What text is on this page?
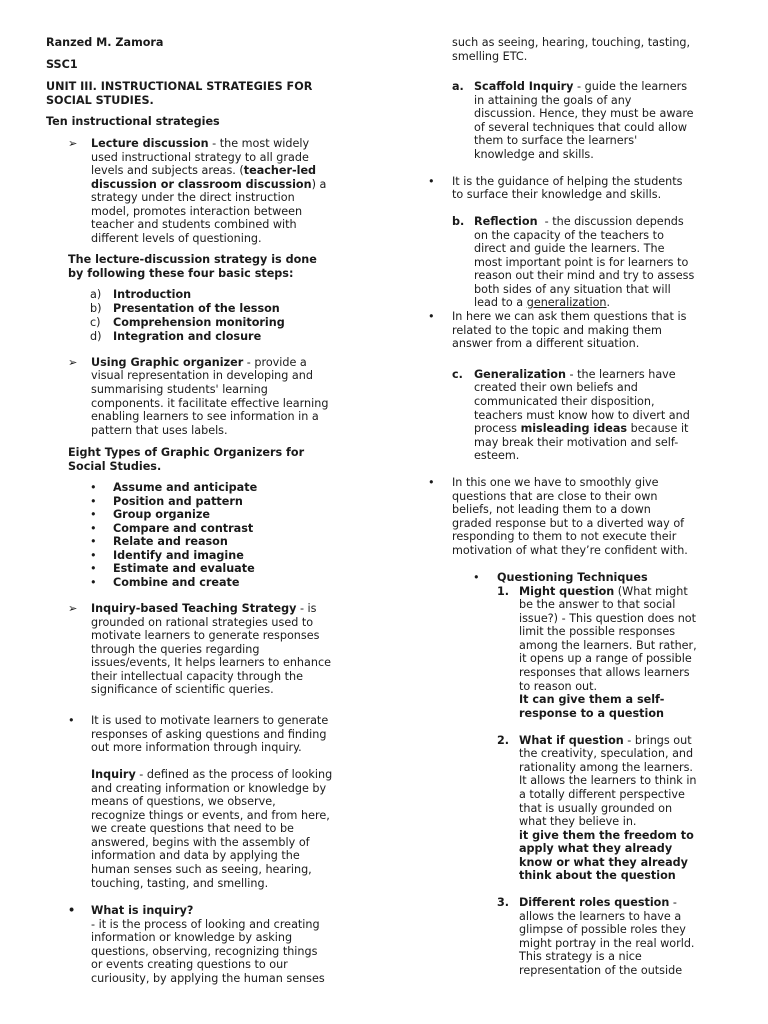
Ranzed M. Zamora

SSC1

UNIT III. INSTRUCTIONAL STRATEGIES FOR

SOCIAL STUDIES.

Ten instructional strategies

➢ Lecture discussion - the most widely

used instructional strategy to all grade

levels and subjects areas. (teacher-led

discussion or classroom discussion) a

strategy under the direct instruction

model, promotes interaction between

teacher and students combined with

different levels of questioning.

The lecture-discussion strategy is done

by following these four basic steps:

a) Introduction
b) Presentation of the lesson
c) Comprehension monitoring
d) Integration and closure
➢ Using Graphic organizer - provide a

visual representation in developing and

summarising students' learning

components. it facilitate effective learning

enabling learners to see information in a

pattern that uses labels.

Eight Types of Graphic Organizers for

Social Studies.

• Assume and anticipate
• Position and pattern
• Group organize
• Compare and contrast
• Relate and reason
• Identify and imagine
• Estimate and evaluate
• Combine and create
➢ Inquiry-based Teaching Strategy - is

grounded on rational strategies used to

motivate learners to generate responses

through the queries regarding

issues/events, It helps learners to enhance

their intellectual capacity through the

significance of scientific queries.

• It is used to motivate learners to generate

responses of asking questions and finding

out more information through inquiry.

Inquiry - defined as the process of looking

and creating information or knowledge by

means of questions, we observe,

recognize things or events, and from here,

we create questions that need to be

answered, begins with the assembly of

information and data by applying the

human senses such as seeing, hearing,

touching, tasting, and smelling.

• What is inquiry?

- it is the process of looking and creating

information or knowledge by asking

questions, observing, recognizing things

or events creating questions to our

curiousity, by applying the human senses

such as seeing, hearing, touching, tasting,

smelling ETC.

a. Scaffold Inquiry - guide the learners

in attaining the goals of any

discussion. Hence, they must be aware

of several techniques that could allow

them to surface the learners'

knowledge and skills.

• It is the guidance of helping the students

to surface their knowledge and skills.

b. Reflection  - the discussion depends

on the capacity of the teachers to

direct and guide the learners. The

most important point is for learners to

reason out their mind and try to assess

both sides of any situation that will

lead to a generalization.

• In here we can ask them questions that is

related to the topic and making them

answer from a different situation.

c. Generalization - the learners have

created their own beliefs and

communicated their disposition,

teachers must know how to divert and

process misleading ideas because it

may break their motivation and self-

esteem.

• In this one we have to smoothly give

questions that are close to their own

beliefs, not leading them to a down

graded response but to a diverted way of

responding to them to not execute their

motivation of what they’re confident with.

• Questioning Techniques
1. Might question (What might

be the answer to that social

issue?) - This question does not

limit the possible responses

among the learners. But rather,

it opens up a range of possible

responses that allows learners

to reason out.

It can give them a self-
response to a question
2. What if question - brings out

the creativity, speculation, and

rationality among the learners.

It allows the learners to think in

a totally different perspective

that is usually grounded on

what they believe in.

it give them the freedom to
apply what they already
know or what they already
think about the question
3. Different roles question -

allows the learners to have a

glimpse of possible roles they

might portray in the real world.

This strategy is a nice

representation of the outside
